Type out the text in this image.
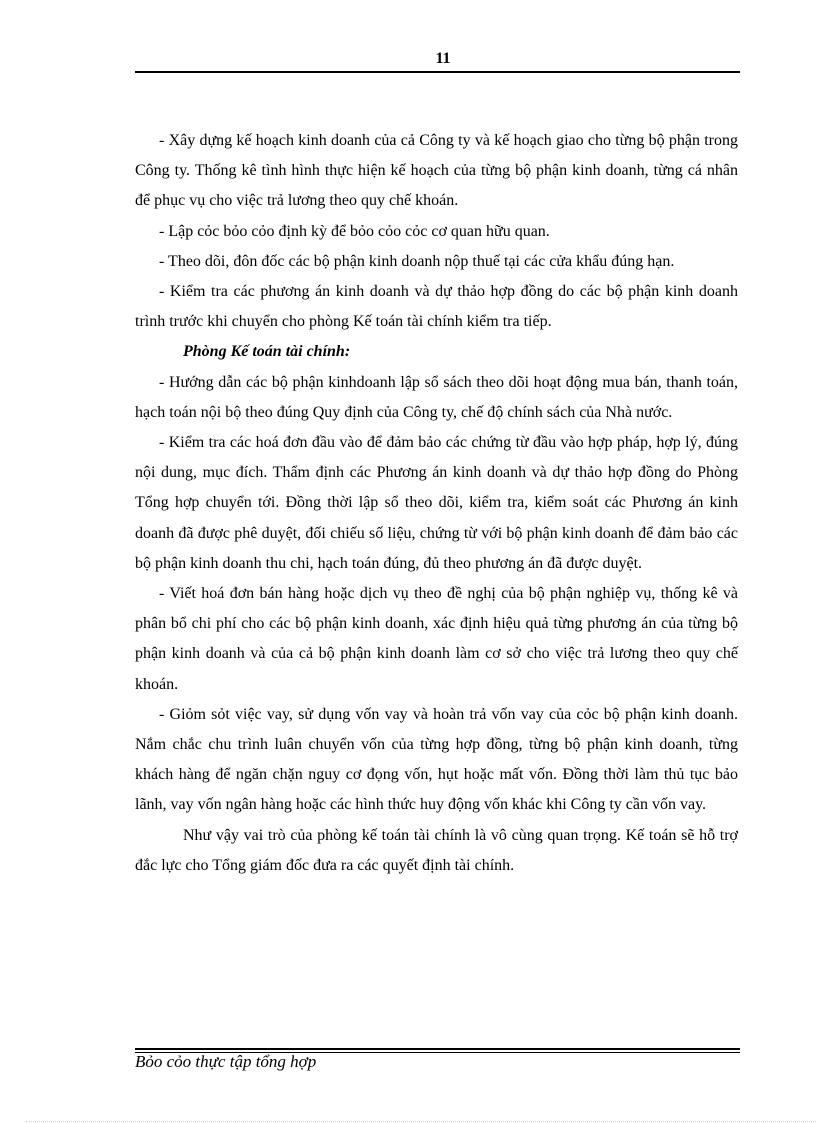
11

- Xây dựng kế hoạch kinh doanh của cả Công ty và kế hoạch giao cho từng bộ phận trong Công ty. Thống kê tình hình thực hiện kế hoạch của từng bộ phận kinh doanh, từng cá nhân để phục vụ cho việc trả lương theo quy chế khoán.

- Lập cỏc bỏo cỏo định kỳ để bỏo cỏo cỏc cơ quan hữu quan.

- Theo dõi, đôn đốc các bộ phận kinh doanh nộp thuế tại các cửa khẩu đúng hạn.

- Kiểm tra các phương án kinh doanh và dự thảo hợp đồng do các bộ phận kinh doanh trình trước khi chuyển cho phòng Kế toán tài chính kiểm tra tiếp.

Phòng Kế toán tài chính:

- Hướng dẫn các bộ phận kinhdoanh lập sổ sách theo dõi hoạt động mua bán, thanh toán, hạch toán nội bộ theo đúng Quy định của Công ty, chế độ chính sách của Nhà nước.

- Kiểm tra các hoá đơn đầu vào để đảm bảo các chứng từ đầu vào hợp pháp, hợp lý, đúng nội dung, mục đích. Thẩm định các Phương án kinh doanh và dự thảo hợp đồng do Phòng Tổng hợp chuyển tới. Đồng thời lập sổ theo dõi, kiểm tra, kiểm soát các Phương án kinh doanh đã được phê duyệt, đối chiếu số liệu, chứng từ với bộ phận kinh doanh để đảm bảo các bộ phận kinh doanh thu chi, hạch toán đúng, đủ theo phương án đã được duyệt.

- Viết hoá đơn bán hàng hoặc dịch vụ theo đề nghị của bộ phận nghiệp vụ, thống kê và phân bổ chi phí cho các bộ phận kinh doanh, xác định hiệu quả từng phương án của từng bộ phận kinh doanh và của cả bộ phận kinh doanh làm cơ sở cho việc trả lương theo quy chế khoán.

- Giỏm sỏt việc vay, sử dụng vốn vay và hoàn trả vốn vay của cỏc bộ phận kinh doanh. Nắm chắc chu trình luân chuyển vốn của từng hợp đồng, từng bộ phận kinh doanh, từng khách hàng để ngăn chặn nguy cơ đọng vốn, hụt hoặc mất vốn. Đồng thời làm thủ tục bảo lãnh, vay vốn ngân hàng hoặc các hình thức huy động vốn khác khi Công ty cần vốn vay.

Như vậy vai trò của phòng kế toán tài chính là vô cùng quan trọng. Kế toán sẽ hỗ trợ đắc lực cho Tổng giám đốc đưa ra các quyết định tài chính.

Bỏo cỏo thực tập tổng hợp
